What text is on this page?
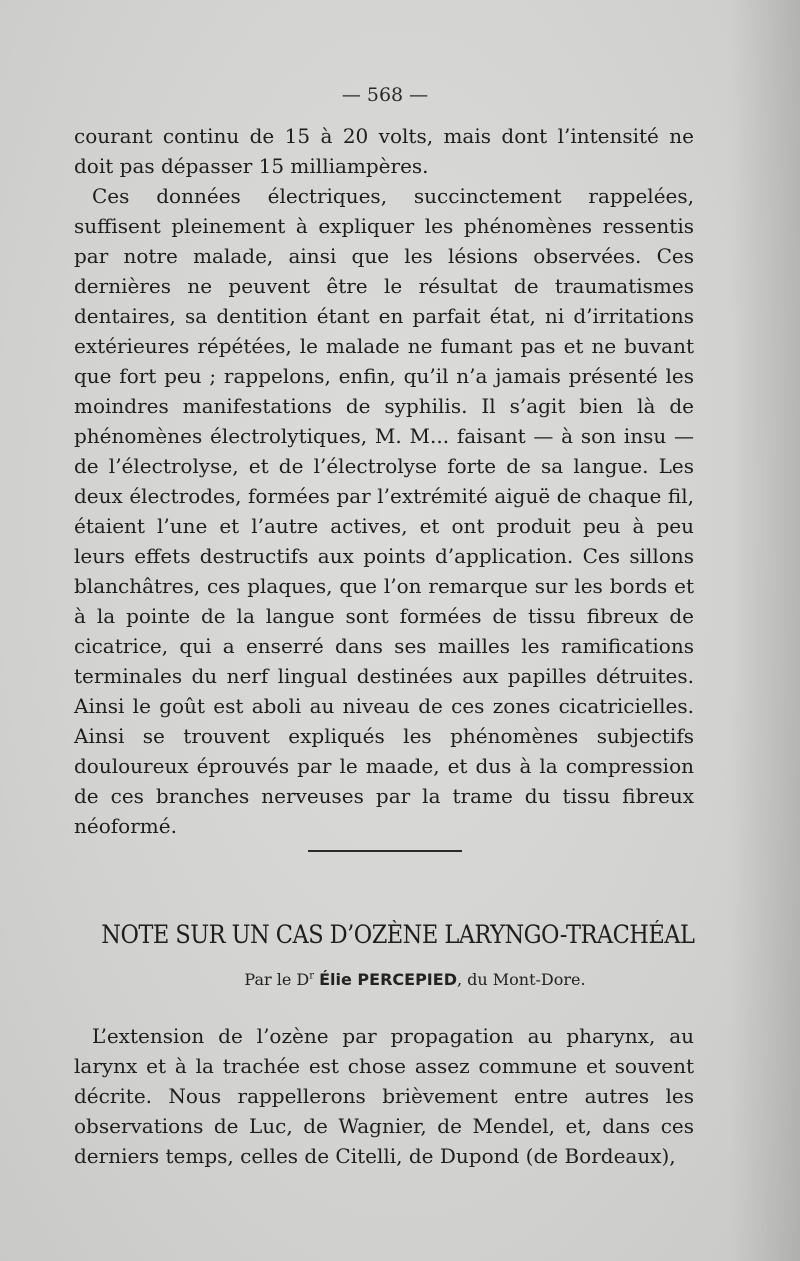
— 568 —

courant continu de 15 à 20 volts, mais dont l’intensité ne doit pas dépasser 15 milliampères.

Ces données électriques, succinctement rappelées, suffisent pleinement à expliquer les phénomènes ressentis par notre malade, ainsi que les lésions observées. Ces dernières ne peuvent être le résultat de traumatismes dentaires, sa dentition étant en parfait état, ni d’irritations extérieures répétées, le malade ne fumant pas et ne buvant que fort peu ; rappelons, enfin, qu’il n’a jamais présenté les moindres manifestations de syphilis. Il s’agit bien là de phénomènes électrolytiques, M. M... faisant — à son insu — de l’électrolyse, et de l’électrolyse forte de sa langue. Les deux électrodes, formées par l’extrémité aiguë de chaque fil, étaient l’une et l’autre actives, et ont produit peu à peu leurs effets destructifs aux points d’application. Ces sillons blanchâtres, ces plaques, que l’on remarque sur les bords et à la pointe de la langue sont formées de tissu fibreux de cicatrice, qui a enserré dans ses mailles les ramifications terminales du nerf lingual destinées aux papilles détruites. Ainsi le goût est aboli au niveau de ces zones cicatricielles. Ainsi se trouvent expliqués les phénomènes subjectifs douloureux éprouvés par le maade, et dus à la compression de ces branches nerveuses par la trame du tissu fibreux néoformé.

NOTE SUR UN CAS D’OZÈNE LARYNGO-TRACHÉAL
Par le $D^r$ Élie PERCEPIED, du Mont-Dore.

L’extension de l’ozène par propagation au pharynx, au larynx et à la trachée est chose assez commune et souvent décrite. Nous rappellerons brièvement entre autres les observations de Luc, de Wagnier, de Mendel, et, dans ces derniers temps, celles de Citelli, de Dupond (de Bordeaux),
